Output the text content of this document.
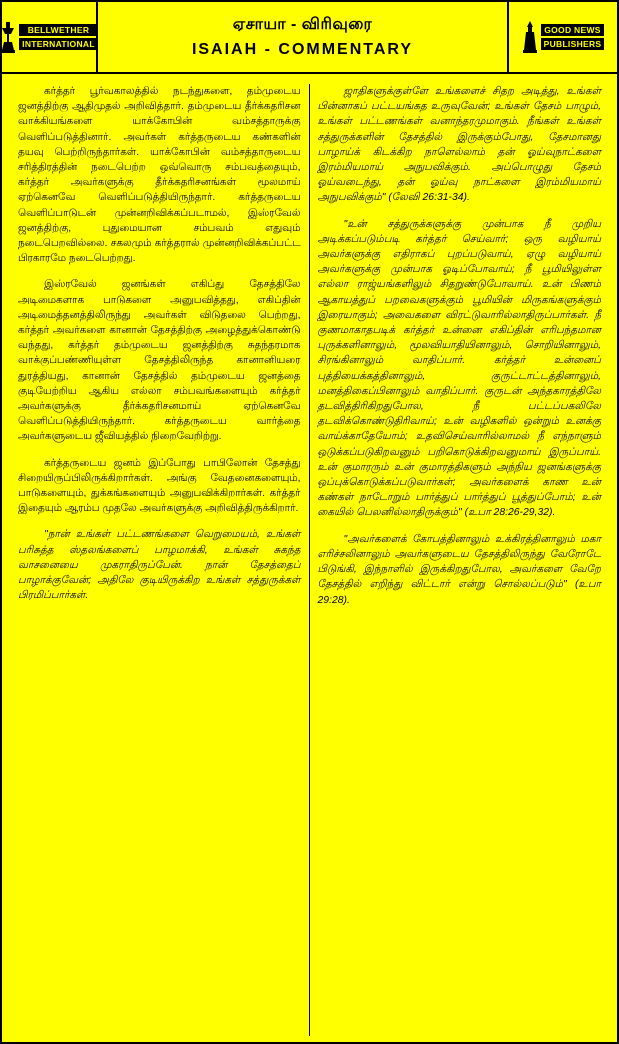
BELLWETHER
INTERNATIONAL
ஏசாயா - விரிவுரை
ISAIAH - COMMENTARY
GOOD NEWS
PUBLISHERS

கர்த்தர் பூர்வகாலத்தில் நடந்துகளை, தம்முடைய ஜனத்திற்கு ஆதிமுதல் அறிவித்தார். தம்முடைய தீர்க்கதரிசன வாக்கியங்களை யாக்கோபின் வம்சத்தாருக்கு வெளிப்படுத்தினார். அவர்கள் கர்த்தருடைய கண்களின் தயவு பெற்றிருந்தார்கள். யாக்கோபின் வம்சத்தாருடைய சரித்திரத்தின் நடைபெற்ற ஒவ்வொரு சம்பவத்தையும், கர்த்தர் அவர்களுக்கு தீர்க்கதரிசனங்கள் மூலமாய் ஏற்கெனவே வெளிப்படுத்தியிருந்தார். கர்த்தருடைய வெளிப்பாடுடன் முன்னறிவிக்கப்படாமல், இஸ்ரவேல் ஜனத்திற்கு, புதுமையான சம்பவம் எதுவும் நடைபெறவில்லை. சகலமும் கர்த்தரால் முன்னறிவிக்கப்பட்ட பிரகாரமே நடைபெற்றது.

இஸ்ரவேல் ஜனங்கள் எகிப்து தேசத்திலே அடிமைகளாக பாடுகளை அனுபவித்தது, எகிப்தின் அடிமைத்தனத்திலிருந்து அவர்கள் விடுதலை பெற்றது, கர்த்தர் அவர்களை கானான் தேசத்திற்கு அழைத்துக்கொண்டு வந்தது, கர்த்தர் தம்முடைய ஜனத்திற்கு சுதந்தரமாக வாக்குப்பண்ணியுள்ள தேசத்திலிருந்த கானானியரை துரத்தியது, கானான் தேசத்தில் தம்முடைய ஜனத்தை குடியேற்றிய ஆகிய எல்லா சம்பவங்களையும் கர்த்தர் அவர்களுக்கு தீர்க்கதரிசனமாய் ஏற்கெனவே வெளிப்படுத்தியிருந்தார். கர்த்தருடைய வார்த்தை அவர்களுடைய ஜீவியத்தில் நிறைவேறிற்று.

கர்த்தருடைய ஜனம் இப்போது பாபிலோன் தேசத்து சிறையிருப்பிலிருக்கிறார்கள். அங்கு வேதனைகளையும், பாடுகளையும், துக்கங்களையும் அனுபவிக்கிறார்கள். கர்த்தர் இதையும் ஆரம்ப முதலே அவர்களுக்கு அறிவித்திருக்கிறார்.

"நான் உங்கள் பட்டணங்களை வெறுமையம், உங்கள் பரிசுத்த ஸ்தலங்களைப் பாழமாக்கி, உங்கள் சுகந்த வாசனையை முகராதிருப்பேன். நான் தேசத்தைப் பாழாக்குவேன்; அதிலே குடியிருக்கிற உங்கள் சத்துருக்கள் பிரமிப்பார்கள்.

ஜாதிகளுக்குள்ளே உங்களைச் சிதற அடித்து, உங்கள் பின்னாகப் பட்டயங்கத உருவுவேன்; உங்கள் தேசம் பாழும், உங்கள் பட்டணங்கள் வனாந்தரமுமாகும். நீங்கள் உங்கள் சத்துருக்களின் தேசத்தில் இருக்கும்போது, தேசமானது பாழாய்க் கிடக்கிற நாளெல்லாம் தன் ஓய்வுநாட்களை இரம்மியமாய் அநுபவிக்கும். அப்பொழுது தேசம் ஓய்வடைந்து, தன் ஓய்வு நாட்களை இரம்மியமாய் அநுபவிக்கும்" (லேவி 26:31-34).

"உன் சத்துருக்களுக்கு முன்பாக நீ முறிய அடிக்கப்படும்படி கர்த்தர் செய்வார்; ஒரு வழியாய் அவர்களுக்கு எதிராகப் புறப்படுவாய், ஏழு வழியாய் அவர்களுக்கு முன்பாக ஓடிப்போவாய்; நீ பூமியிலுள்ள எல்லா ராஜ்யங்களிலும் சிதறுண்டுபோவாய். உன் பிணம் ஆகாயத்துப் பறவைகளுக்கும் பூமியின் மிருகங்களுக்கும் இரையாகும்; அவைகளை விரட்டுவாரில்லாதிருப்பார்கள். நீ குணமாகாதபடிக் கர்த்தர் உன்னை எகிப்தின் எரிபந்தமான புருக்களினாலும், மூலவியாதியினாலும், சொறியினாலும், சிரங்கினாலும் வாதிப்பார். கர்த்தர் உன்னைப் புத்தியைக்கத்தினாலும், குருட்டாட்டத்தினாலும், மனத்திகைப்பினாலும் வாதிப்பார். குருடன் அந்தகாரத்திலே தடவித்திரிகிறதுபோல, நீ பட்டப்பகலிலே தடவிக்கொண்டுதிரிவாய்; உன் வழிகளில் ஒன்றும் உனக்கு வாய்க்காதேயோம்; உதவிசெய்வாரில்லாமல் நீ எந்நாளும் ஒடுக்கப்படுகிறவனும் பறிகொடுக்கிறவனுமாய் இருப்பாய். உன் குமாரரும் உன் குமாரத்திகளும் அந்நிய ஜனங்களுக்கு ஒப்புக்கொடுக்கப்படுவார்கள்; அவர்களைக் காண உன் கண்கள் நாடோறும் பார்த்துப் பார்த்துப் பூத்துப்போம்; உன் கையில் பெலனில்லாதிருக்கும்" (உபா 28:26-29,32).

"அவர்களைக் கோபத்தினாலும் உக்கிரத்தினாலும் மகா எரிச்சலினாலும் அவர்களுடைய தேசத்திலிருந்து வேரோடே பிடுங்கி, இந்நாளில் இருக்கிறதுபோல, அவர்களை வேறே தேசத்தில் எறிந்து விட்டார் என்று சொல்லப்படும்" (உபா 29:28).
